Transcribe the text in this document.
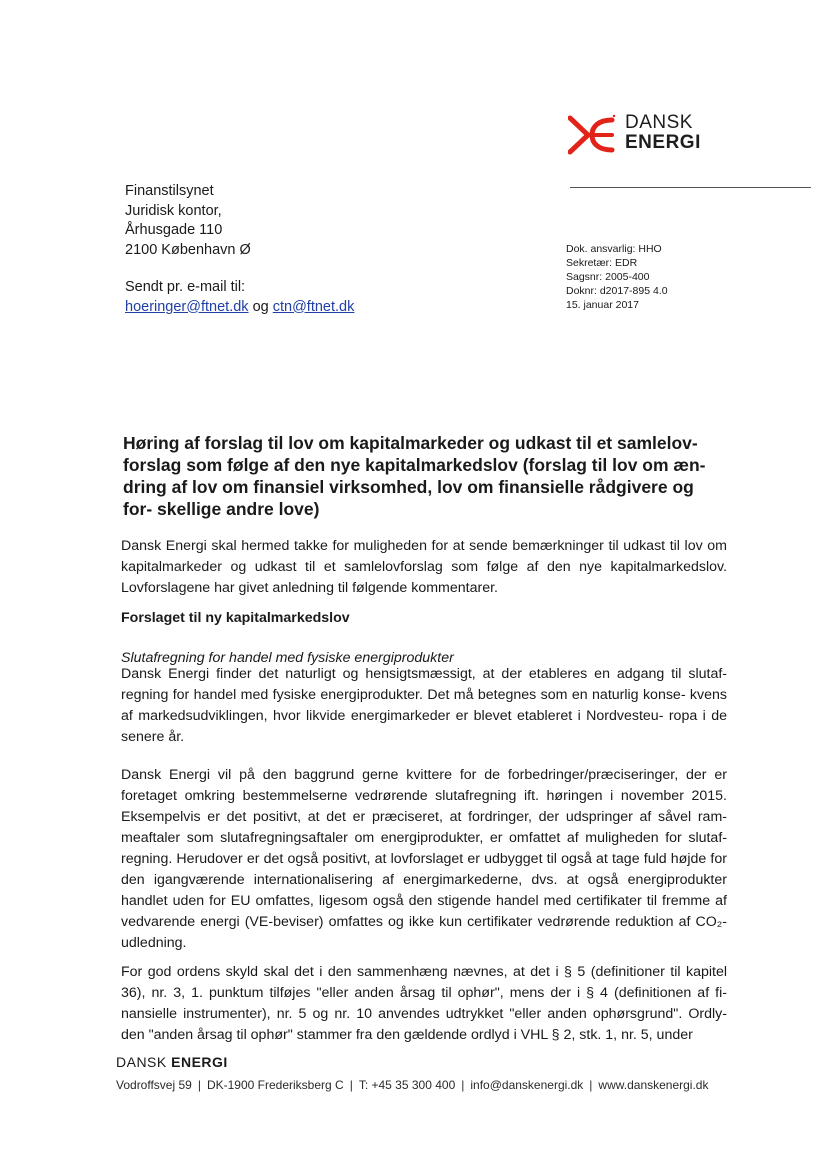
DANSK
ENERGI
Finanstilsynet
Juridisk kontor,
Århusgade 110
2100 København Ø
Sendt pr. e-mail til:
hoeringer@ftnet.dk og ctn@ftnet.dk
Dok. ansvarlig: HHO
Sekretær: EDR
Sagsnr: 2005-400
Doknr: d2017-895 4.0
15. januar 2017
Høring af forslag til lov om kapitalmarkeder og udkast til et samlelov- forslag som følge af den nye kapitalmarkedslov (forslag til lov om æn- dring af lov om finansiel virksomhed, lov om finansielle rådgivere og for- skellige andre love)
Dansk Energi skal hermed takke for muligheden for at sende bemærkninger til udkast til lov om kapitalmarkeder og udkast til et samlelovforslag som følge af den nye kapitalmarkedslov. Lovforslagene har givet anledning til følgende kommentarer.
Forslaget til ny kapitalmarkedslov
Slutafregning for handel med fysiske energiprodukter
Dansk Energi finder det naturligt og hensigtsmæssigt, at der etableres en adgang til slutaf- regning for handel med fysiske energiprodukter. Det må betegnes som en naturlig konse- kvens af markedsudviklingen, hvor likvide energimarkeder er blevet etableret i Nordvesteu- ropa i de senere år.
Dansk Energi vil på den baggrund gerne kvittere for de forbedringer/præciseringer, der er foretaget omkring bestemmelserne vedrørende slutafregning ift. høringen i november 2015. Eksempelvis er det positivt, at det er præciseret, at fordringer, der udspringer af såvel ram- meaftaler som slutafregningsaftaler om energiprodukter, er omfattet af muligheden for slutaf- regning. Herudover er det også positivt, at lovforslaget er udbygget til også at tage fuld højde for den igangværende internationalisering af energimarkederne, dvs. at også energiprodukter handlet uden for EU omfattes, ligesom også den stigende handel med certifikater til fremme af vedvarende energi (VE-beviser) omfattes og ikke kun certifikater vedrørende reduktion af CO₂-udledning.
For god ordens skyld skal det i den sammenhæng nævnes, at det i § 5 (definitioner til kapitel 36), nr. 3, 1. punktum tilføjes "eller anden årsag til ophør", mens der i § 4 (definitionen af fi- nansielle instrumenter), nr. 5 og nr. 10 anvendes udtrykket "eller anden ophørsgrund". Ordly- den "anden årsag til ophør" stammer fra den gældende ordlyd i VHL § 2, stk. 1, nr. 5, under
DANSK ENERGI
Vodroffsvej 59 | DK-1900 Frederiksberg C | T: +45 35 300 400 | info@danskenergi.dk | www.danskenergi.dk
